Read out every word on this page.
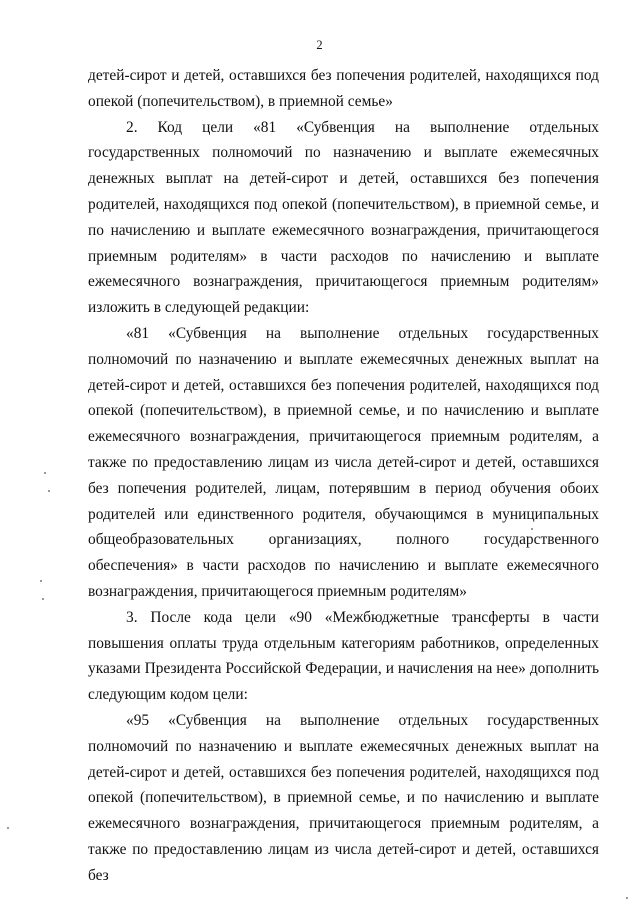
2

детей-сирот и детей, оставшихся без попечения родителей, находящихся под опекой (попечительством), в приемной семье»

2. Код цели «81 «Субвенция на выполнение отдельных государственных полномочий по назначению и выплате ежемесячных денежных выплат на детей-сирот и детей, оставшихся без попечения родителей, находящихся под опекой (попечительством), в приемной семье, и по начислению и выплате ежемесячного вознаграждения, причитающегося приемным родителям» в части расходов по начислению и выплате ежемесячного вознаграждения, причитающегося приемным родителям» изложить в следующей редакции:

«81 «Субвенция на выполнение отдельных государственных полномочий по назначению и выплате ежемесячных денежных выплат на детей-сирот и детей, оставшихся без попечения родителей, находящихся под опекой (попечительством), в приемной семье, и по начислению и выплате ежемесячного вознаграждения, причитающегося приемным родителям, а также по предоставлению лицам из числа детей-сирот и детей, оставшихся без попечения родителей, лицам, потерявшим в период обучения обоих родителей или единственного родителя, обучающимся в муниципальных общеобразовательных организациях, полного государственного обеспечения» в части расходов по начислению и выплате ежемесячного вознаграждения, причитающегося приемным родителям»

3. После кода цели «90 «Межбюджетные трансферты в части повышения оплаты труда отдельным категориям работников, определенных указами Президента Российской Федерации, и начисления на нее» дополнить следующим кодом цели:

«95 «Субвенция на выполнение отдельных государственных полномочий по назначению и выплате ежемесячных денежных выплат на детей-сирот и детей, оставшихся без попечения родителей, находящихся под опекой (попечительством), в приемной семье, и по начислению и выплате ежемесячного вознаграждения, причитающегося приемным родителям, а также по предоставлению лицам из числа детей-сирот и детей, оставшихся без
